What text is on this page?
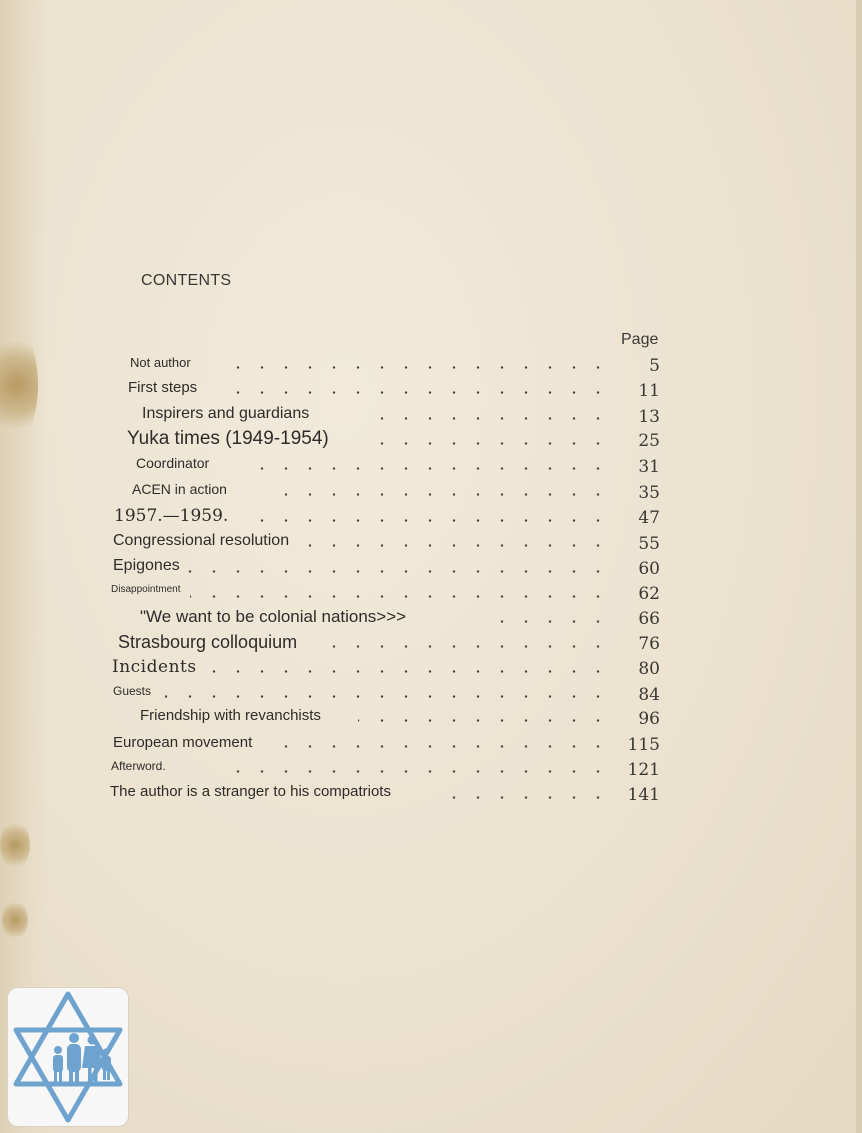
CONTENTS
Page
Not author	5
First steps	11
Inspirers and guardians	13
Yuka times (1949-1954)	25
Coordinator	31
ACEN in action	35
1957.—1959.	47
Congressional resolution	55
Epigones	60
Disappointment	62
"We want to be colonial nations>>>	66
Strasbourg colloquium	76
Incidents	80
Guests	84
Friendship with revanchists	96
European movement	115
Afterword.	121
The author is a stranger to his compatriots	141
